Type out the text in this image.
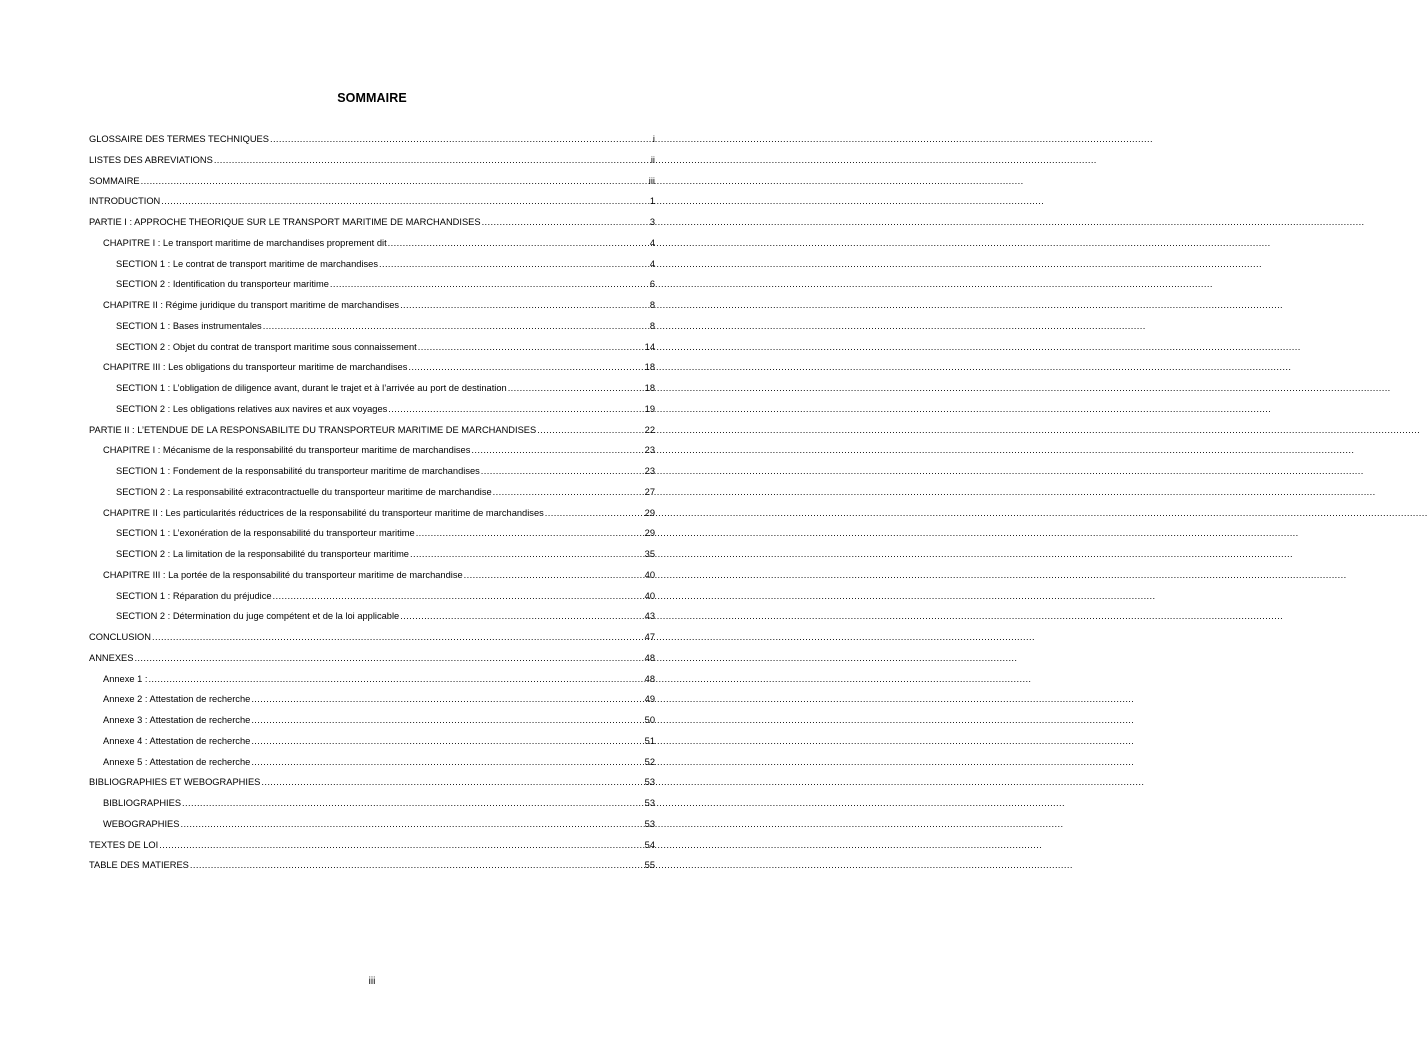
SOMMAIRE
GLOSSAIRE DES TERMES TECHNIQUES .....	i
LISTES DES ABREVIATIONS .....	ii
SOMMAIRE .....	iii
INTRODUCTION .....	1
PARTIE I : APPROCHE THEORIQUE SUR LE TRANSPORT MARITIME DE MARCHANDISES .....	3
CHAPITRE I : Le transport maritime de marchandises proprement dit .....	4
SECTION 1 : Le contrat de transport maritime de marchandises .....	4
SECTION 2 : Identification du transporteur maritime .....	6
CHAPITRE II : Régime juridique du transport maritime de marchandises .....	8
SECTION 1 : Bases instrumentales .....	8
SECTION 2 : Objet du contrat de transport maritime sous connaissement .....	14
CHAPITRE III : Les obligations du transporteur maritime de marchandises .....	18
SECTION 1 : L’obligation de diligence avant, durant le trajet et à l’arrivée au port de destination .....	18
SECTION 2 : Les obligations relatives aux navires et aux voyages .....	19
PARTIE II : L’ETENDUE DE LA RESPONSABILITE DU TRANSPORTEUR MARITIME DE MARCHANDISES .....	22
CHAPITRE I : Mécanisme de la responsabilité du transporteur maritime de marchandises .....	23
SECTION 1 : Fondement de la responsabilité du transporteur maritime de marchandises .....	23
SECTION 2 : La responsabilité extracontractuelle du transporteur maritime de marchandise .....	27
CHAPITRE II : Les particularités réductrices de la responsabilité du transporteur maritime de marchandises .....	29
SECTION 1 : L’exonération de la responsabilité du transporteur maritime .....	29
SECTION 2 : La limitation de la responsabilité du transporteur maritime .....	35
CHAPITRE III : La portée de la responsabilité du transporteur maritime de marchandise .....	40
SECTION 1 : Réparation du préjudice .....	40
SECTION 2 : Détermination du juge compétent et de la loi applicable .....	43
CONCLUSION .....	47
ANNEXES .....	48
Annexe 1 : .....	48
Annexe 2 : Attestation de recherche .....	49
Annexe 3 : Attestation de recherche .....	50
Annexe 4 : Attestation de recherche .....	51
Annexe 5 : Attestation de recherche .....	52
BIBLIOGRAPHIES ET WEBOGRAPHIES .....	53
BIBLIOGRAPHIES .....	53
WEBOGRAPHIES .....	53
TEXTES DE LOI .....	54
TABLE DES MATIERES .....	55
iii
